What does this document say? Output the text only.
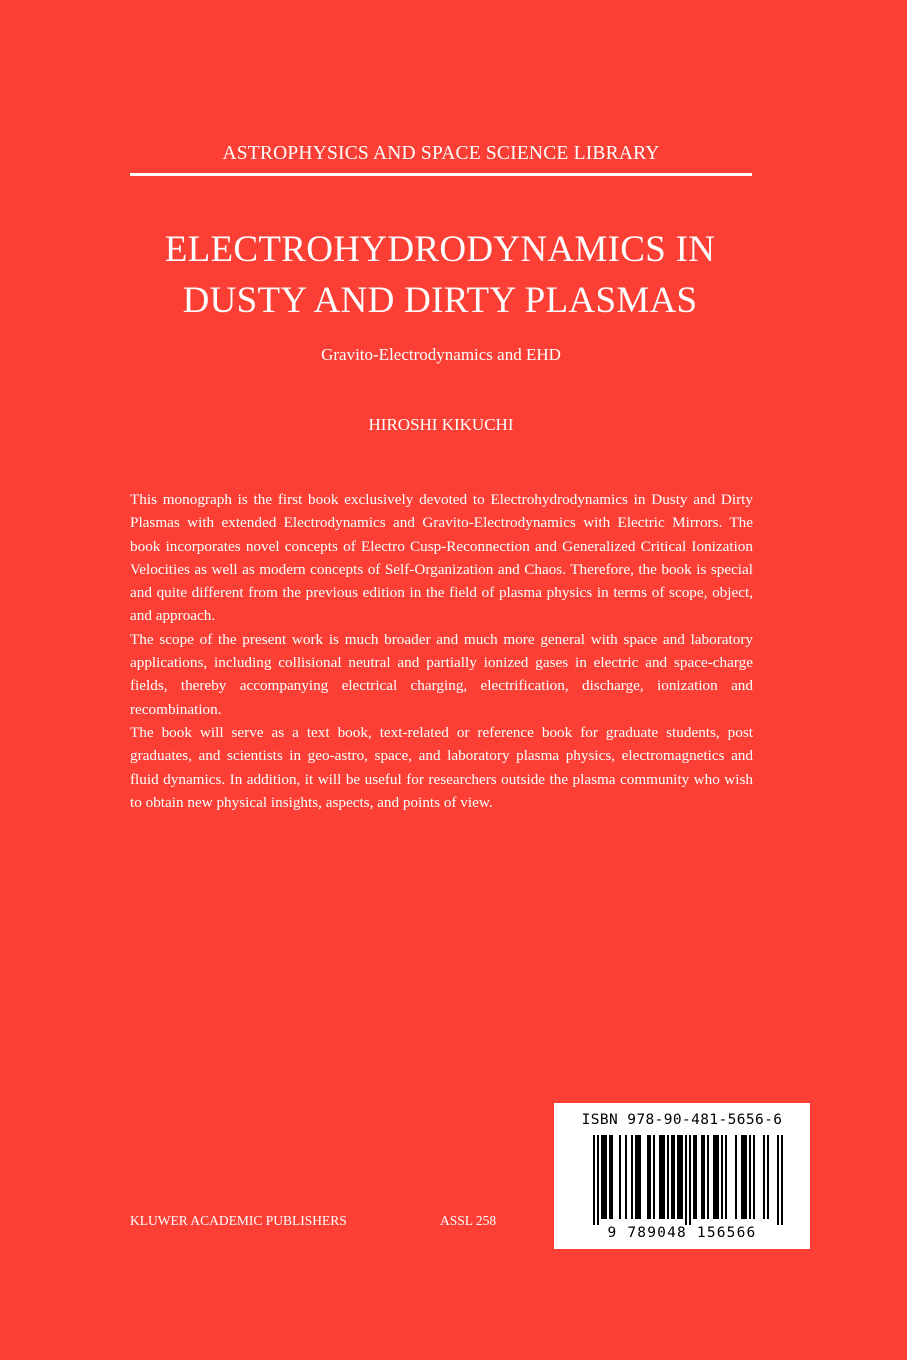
ASTROPHYSICS AND SPACE SCIENCE LIBRARY
ELECTROHYDRODYNAMICS IN
DUSTY AND DIRTY PLASMAS
Gravito-Electrodynamics and EHD
HIROSHI KIKUCHI

This monograph is the first book exclusively devoted to Electrohydrodynamics in Dusty and Dirty Plasmas with extended Electrodynamics and Gravito-Electrodynamics with Electric Mirrors. The book incorporates novel concepts of Electro Cusp-Reconnection and Generalized Critical Ionization Velocities as well as modern concepts of Self-Organization and Chaos. Therefore, the book is special and quite different from the previous edition in the field of plasma physics in terms of scope, object, and approach.

The scope of the present work is much broader and much more general with space and laboratory applications, including collisional neutral and partially ionized gases in electric and space-charge fields, thereby accompanying electrical charging, electrification, discharge, ionization and recombination.

The book will serve as a text book, text-related or reference book for graduate students, post graduates, and scientists in geo-astro, space, and laboratory plasma physics, electromagnetics and fluid dynamics. In addition, it will be useful for researchers outside the plasma community who wish to obtain new physical insights, aspects, and points of view.

KLUWER ACADEMIC PUBLISHERS	ASSL 258
ISBN 978-90-481-5656-6
9 789048 156566
